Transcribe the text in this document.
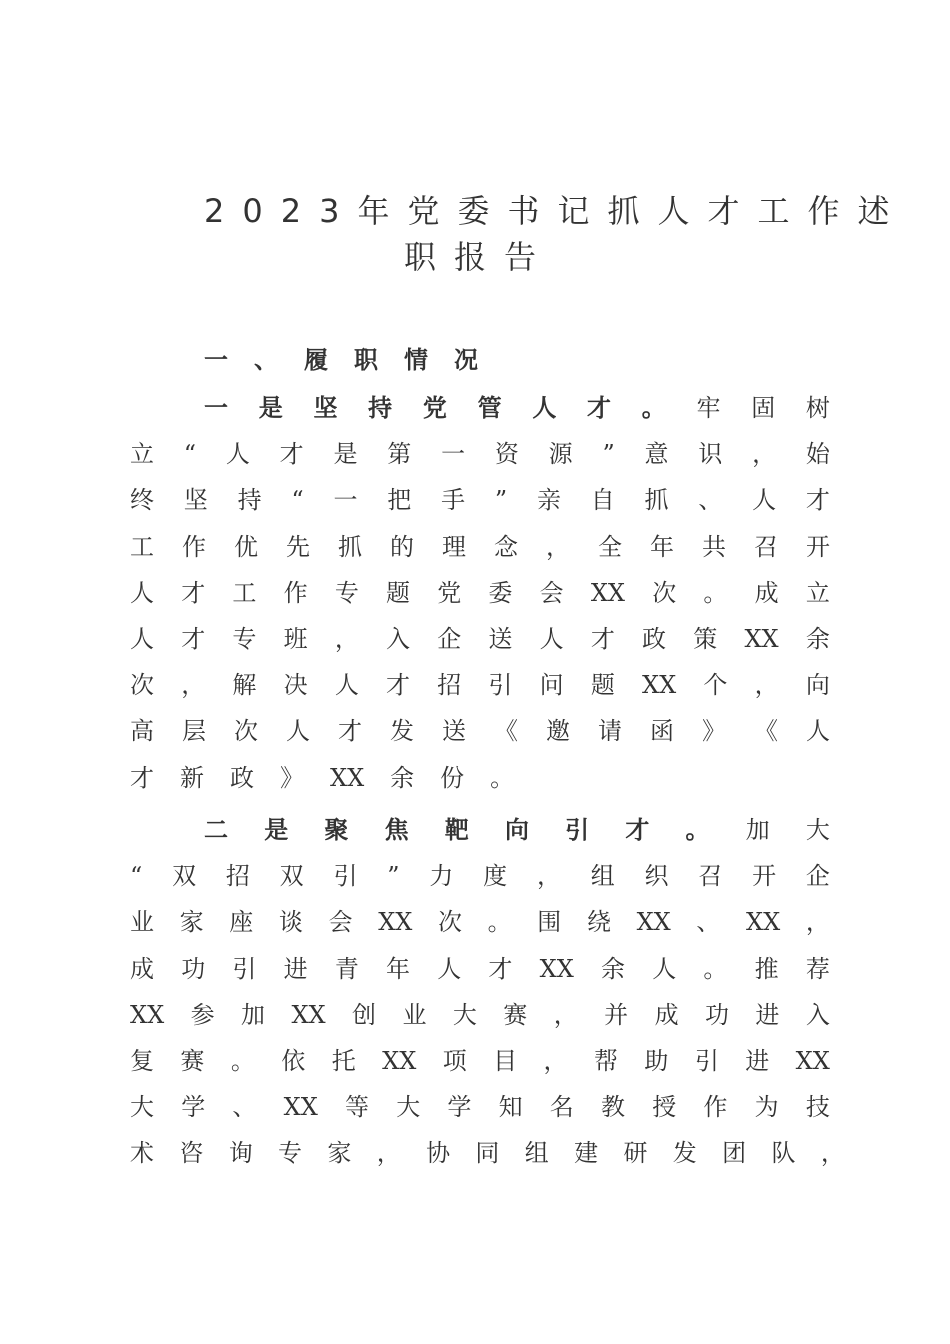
2023年党委书记抓人才工作述
职报告
一、履职情况
一 是 坚 持 党 管 人 才 。 牢 固 树
立 “ 人 才 是 第 一 资 源 ” 意 识 ， 始
终 坚 持 “ 一 把 手 ” 亲 自 抓 、 人 才
工 作 优 先 抓 的 理 念 ， 全 年 共 召 开
人 才 工 作 专 题 党 委 会 XX 次 。 成 立
人 才 专 班 ， 入 企 送 人 才 政 策 XX 余
次 ， 解 决 人 才 招 引 问 题 XX 个 ， 向
高 层 次 人 才 发 送 《 邀 请 函 》 《 人
才 新 政 》 XX 余 份 。
二 是 聚 焦 靶 向 引 才 。 加 大
“ 双 招 双 引 ” 力 度 ， 组 织 召 开 企
业 家 座 谈 会 XX 次 。 围 绕 XX 、 XX ，
成 功 引 进 青 年 人 才 XX 余 人 。 推 荐
XX 参 加 XX 创 业 大 赛 ， 并 成 功 进 入
复 赛 。 依 托 XX 项 目 ， 帮 助 引 进 XX
大 学 、 XX 等 大 学 知 名 教 授 作 为 技
术 咨 询 专 家 ， 协 同 组 建 研 发 团 队 ，
